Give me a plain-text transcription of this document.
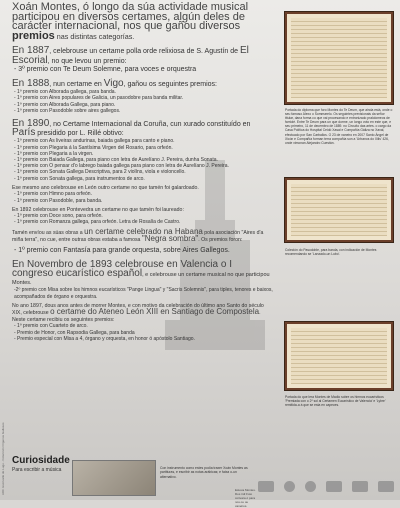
ADF. Escrivalle de Lugo - Colección Organos Gallesos

Xoán Montes, ó longo da súa actividade musical participou en diversos certames, algún deles de carácter internacional, nos que gañou diversos premios nas distintas categorías.

En 1887, celebrouse un certame polla orde relixiosa de S. Agustín de El Escorial, no que levou un premio:

- 3º premio con Te Deum Solemne, para voces e orquestra

En 1888, nun certame en Vigo, gañou os seguintes premios:

- 1º premio con Alborada gallega, para banda.

- 1º premio con Aires populares de Galicia, un pasodobre para banda militar.

- 1º premio con Alborada Gallega, para piano.

- 1º premio con Pasodoble sobre aires gallegos.

En 1890, no Certame Internacional da Coruña, cun xurado constituído en París presidido por L. Rillé obtivo:

- 1º premio con As liveiras andurinas, baiada gallega para canto e piano.

- 1º premio con Plegaria á la Santísima Virgen del Rosario, para orfeón.

- 1º premio con Plegaria a la virgen.

- 1º premio con Baiada Gallega, para piano con letra de Aurelíano J. Pereira, dunha Sonata.

- 1º premio con O pensar d'o labrego baiada gallega para piano con letra de Aurelíano J. Pereira.

- 1º premio con Sonata Gallega Descriptiva, para 2 violíns, viola e violoncello.

- 1º premio con Sonata gallega, para instrumentos de arco.

Ese mesmo ano celebrouse en León outro certame no que tamén foi galardoado.

- 1º premio con Himno para orfeón.

- 1º premio con Pasodoble, para banda.

En 1892 celebrouse en Pontevedra un certame no que tamén foi laureado:

- 1º premio con Doce sono, para orfeón.

- 1º premio con Romanza gallega, para orfeón. Letra de Rosalía de Castro.

Tamén envíou as súas obras a un certame celebrado na Habana pola asociación "Aires d'a miña terra", no cue, entre outras obras estaba a famosa "Negra sombra". Os premios foron:

- 1º premio con Fantasía para grande orquesta, sobre Aires Gallegos.

En Novembro de 1893 celebrouse en Valencia o I congreso eucarístico español, e celebrouse un certame musical no que participou Montes.

-2º premio con Misa sobre los himnos eucarísticos "Pange Lingua" y "Sacris Solemnis", para tiples, tenores e baixos, acompañados de órgano e orquestra.

No ano 1897, dous anos antes de morrer Montes, e con motivo da celebración do último ano Santo do século XIX, celebrouse o certame do Ateneo León XIII en Santiago de Compostela. Neste certame recibiu os seguintes premios:

- 1º premio con Cuarteto de arco.

- Premio de Honor, con Rapsodia Gallega, para banda

- Premio especial con Misa a 4, órgano y orquesta, en honor ó apóstolo Santiago.

Portada do diploma que foro Montes do Te Deum, que ainda está, onde o seu famoso Alexo o Sommarelo. Os seguintes previsionais da señor titular, dana forma co que vai procesando e entronizado pralolomeos de farriolé. Entre Te Deum para un que dorme, un longo voto en este que, e seu primeiro, 11 de decembro de 1889. no Circuíto das artes. o cargo da Casa Política do Hospital Ceidó Xasal e Compañía Gáliza no Xaval, efectuado por San Carballos. O 23 de xaneiro en 2007 Santo Ángel de Xicón e Compañía forman terra compañía son a 'Urbanos do Xilis' 426, onde ximonan Alejandro Cuestán.
Coleción do Pasodoble, para banda, con indicación de Montes recomendando se 'Lanzado-un Lubo'.
Portada do que lera Montes de Madio sobre os himnos eucarísticos 'Premiada con o 2º sol al Certamen Eucarístico de Valencia' e 'Lybre' remitida-a á que se esta en capeces.
Curiosidade
Para escribir a música	Con instrumento como estes podía traxer Xoán Montes as partituras, e escribir as notas arábicas; e faixa o-un alternativo.
Estoxa Montes. Dos ridí Foto cortesía ó para nos ou ou xaneiros.
